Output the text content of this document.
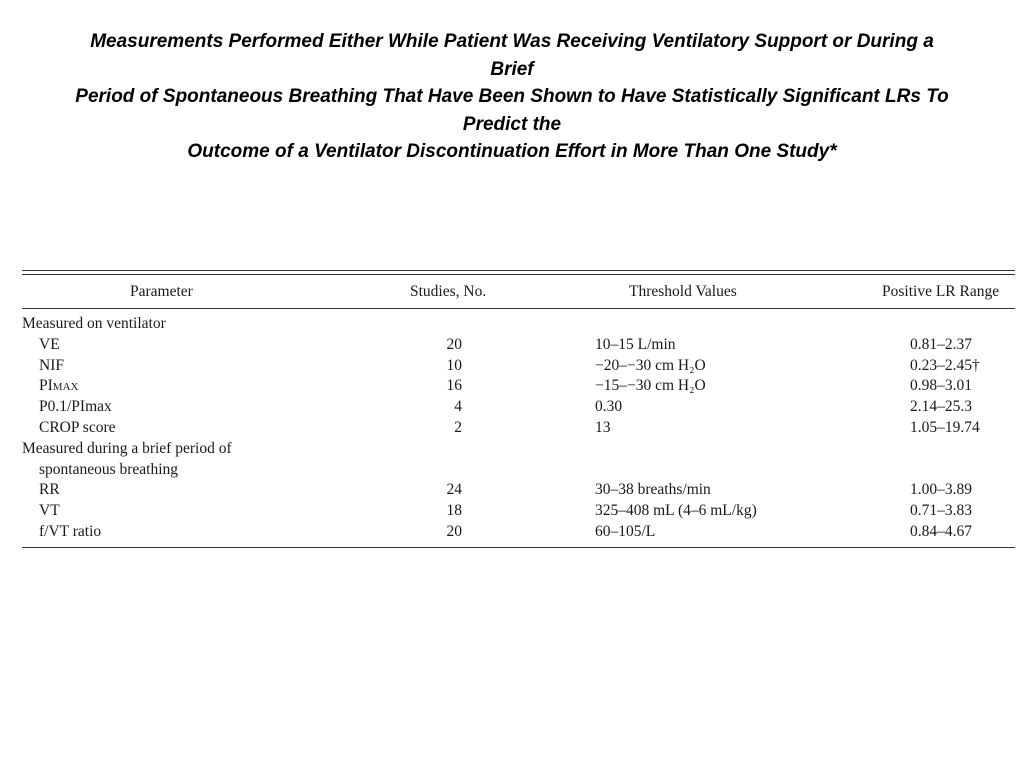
Measurements Performed Either While Patient Was Receiving Ventilatory Support or During a
Brief
Period of Spontaneous Breathing That Have Been Shown to Have Statistically Significant LRs To
Predict the
Outcome of a Ventilator Discontinuation Effort in More Than One Study*
Parameter	Studies, No.	Threshold Values	Positive LR Range
Measured on ventilator
VE	20	10–15 L/min	0.81–2.37
NIF	10	−20–−30 cm H₂O	0.23–2.45†
PImax	16	−15–−30 cm H₂O	0.98–3.01
P0.1/PImax	4	0.30	2.14–25.3
CROP score	2	13	1.05–19.74
Measured during a brief period of
spontaneous breathing
RR	24	30–38 breaths/min	1.00–3.89
VT	18	325–408 mL (4–6 mL/kg)	0.71–3.83
f/VT ratio	20	60–105/L	0.84–4.67
